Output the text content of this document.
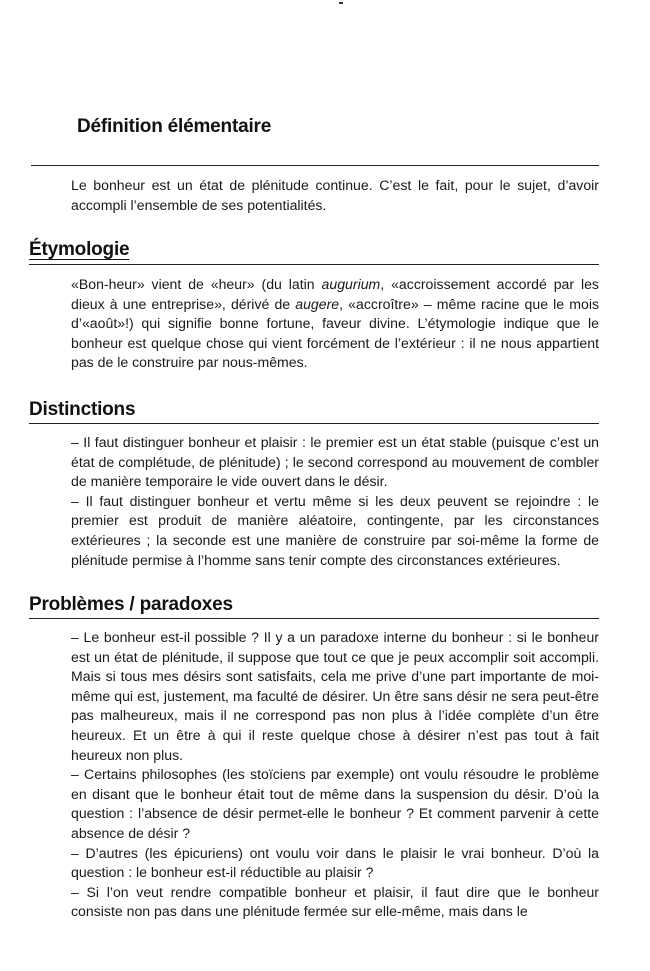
Définition élémentaire

Le bonheur est un état de plénitude continue. C’est le fait, pour le sujet, d’avoir accompli l’ensemble de ses potentialités.

Étymologie

«Bon-heur» vient de «heur» (du latin augurium, «accroissement accordé par les dieux à une entreprise», dérivé de augere, «accroître» – même racine que le mois d’«août»!) qui signifie bonne fortune, faveur divine. L’étymologie indique que le bonheur est quelque chose qui vient forcément de l’extérieur : il ne nous appartient pas de le construire par nous-mêmes.

Distinctions

– Il faut distinguer bonheur et plaisir : le premier est un état stable (puisque c’est un état de complétude, de plénitude) ; le second correspond au mouvement de combler de manière temporaire le vide ouvert dans le désir.

– Il faut distinguer bonheur et vertu même si les deux peuvent se rejoindre : le premier est produit de manière aléatoire, contingente, par les circonstances extérieures ; la seconde est une manière de construire par soi-même la forme de plénitude permise à l’homme sans tenir compte des circonstances extérieures.

Problèmes / paradoxes

– Le bonheur est-il possible ? Il y a un paradoxe interne du bonheur : si le bonheur est un état de plénitude, il suppose que tout ce que je peux accomplir soit accompli. Mais si tous mes désirs sont satisfaits, cela me prive d’une part importante de moi-même qui est, justement, ma faculté de désirer. Un être sans désir ne sera peut-être pas malheureux, mais il ne correspond pas non plus à l’idée complète d’un être heureux. Et un être à qui il reste quelque chose à désirer n’est pas tout à fait heureux non plus.

– Certains philosophes (les stoïciens par exemple) ont voulu résoudre le problème en disant que le bonheur était tout de même dans la suspension du désir. D’où la question : l’absence de désir permet-elle le bonheur ? Et comment parvenir à cette absence de désir ?

– D’autres (les épicuriens) ont voulu voir dans le plaisir le vrai bonheur. D’où la question : le bonheur est-il réductible au plaisir ?

– Si l’on veut rendre compatible bonheur et plaisir, il faut dire que le bonheur consiste non pas dans une plénitude fermée sur elle-même, mais dans le
